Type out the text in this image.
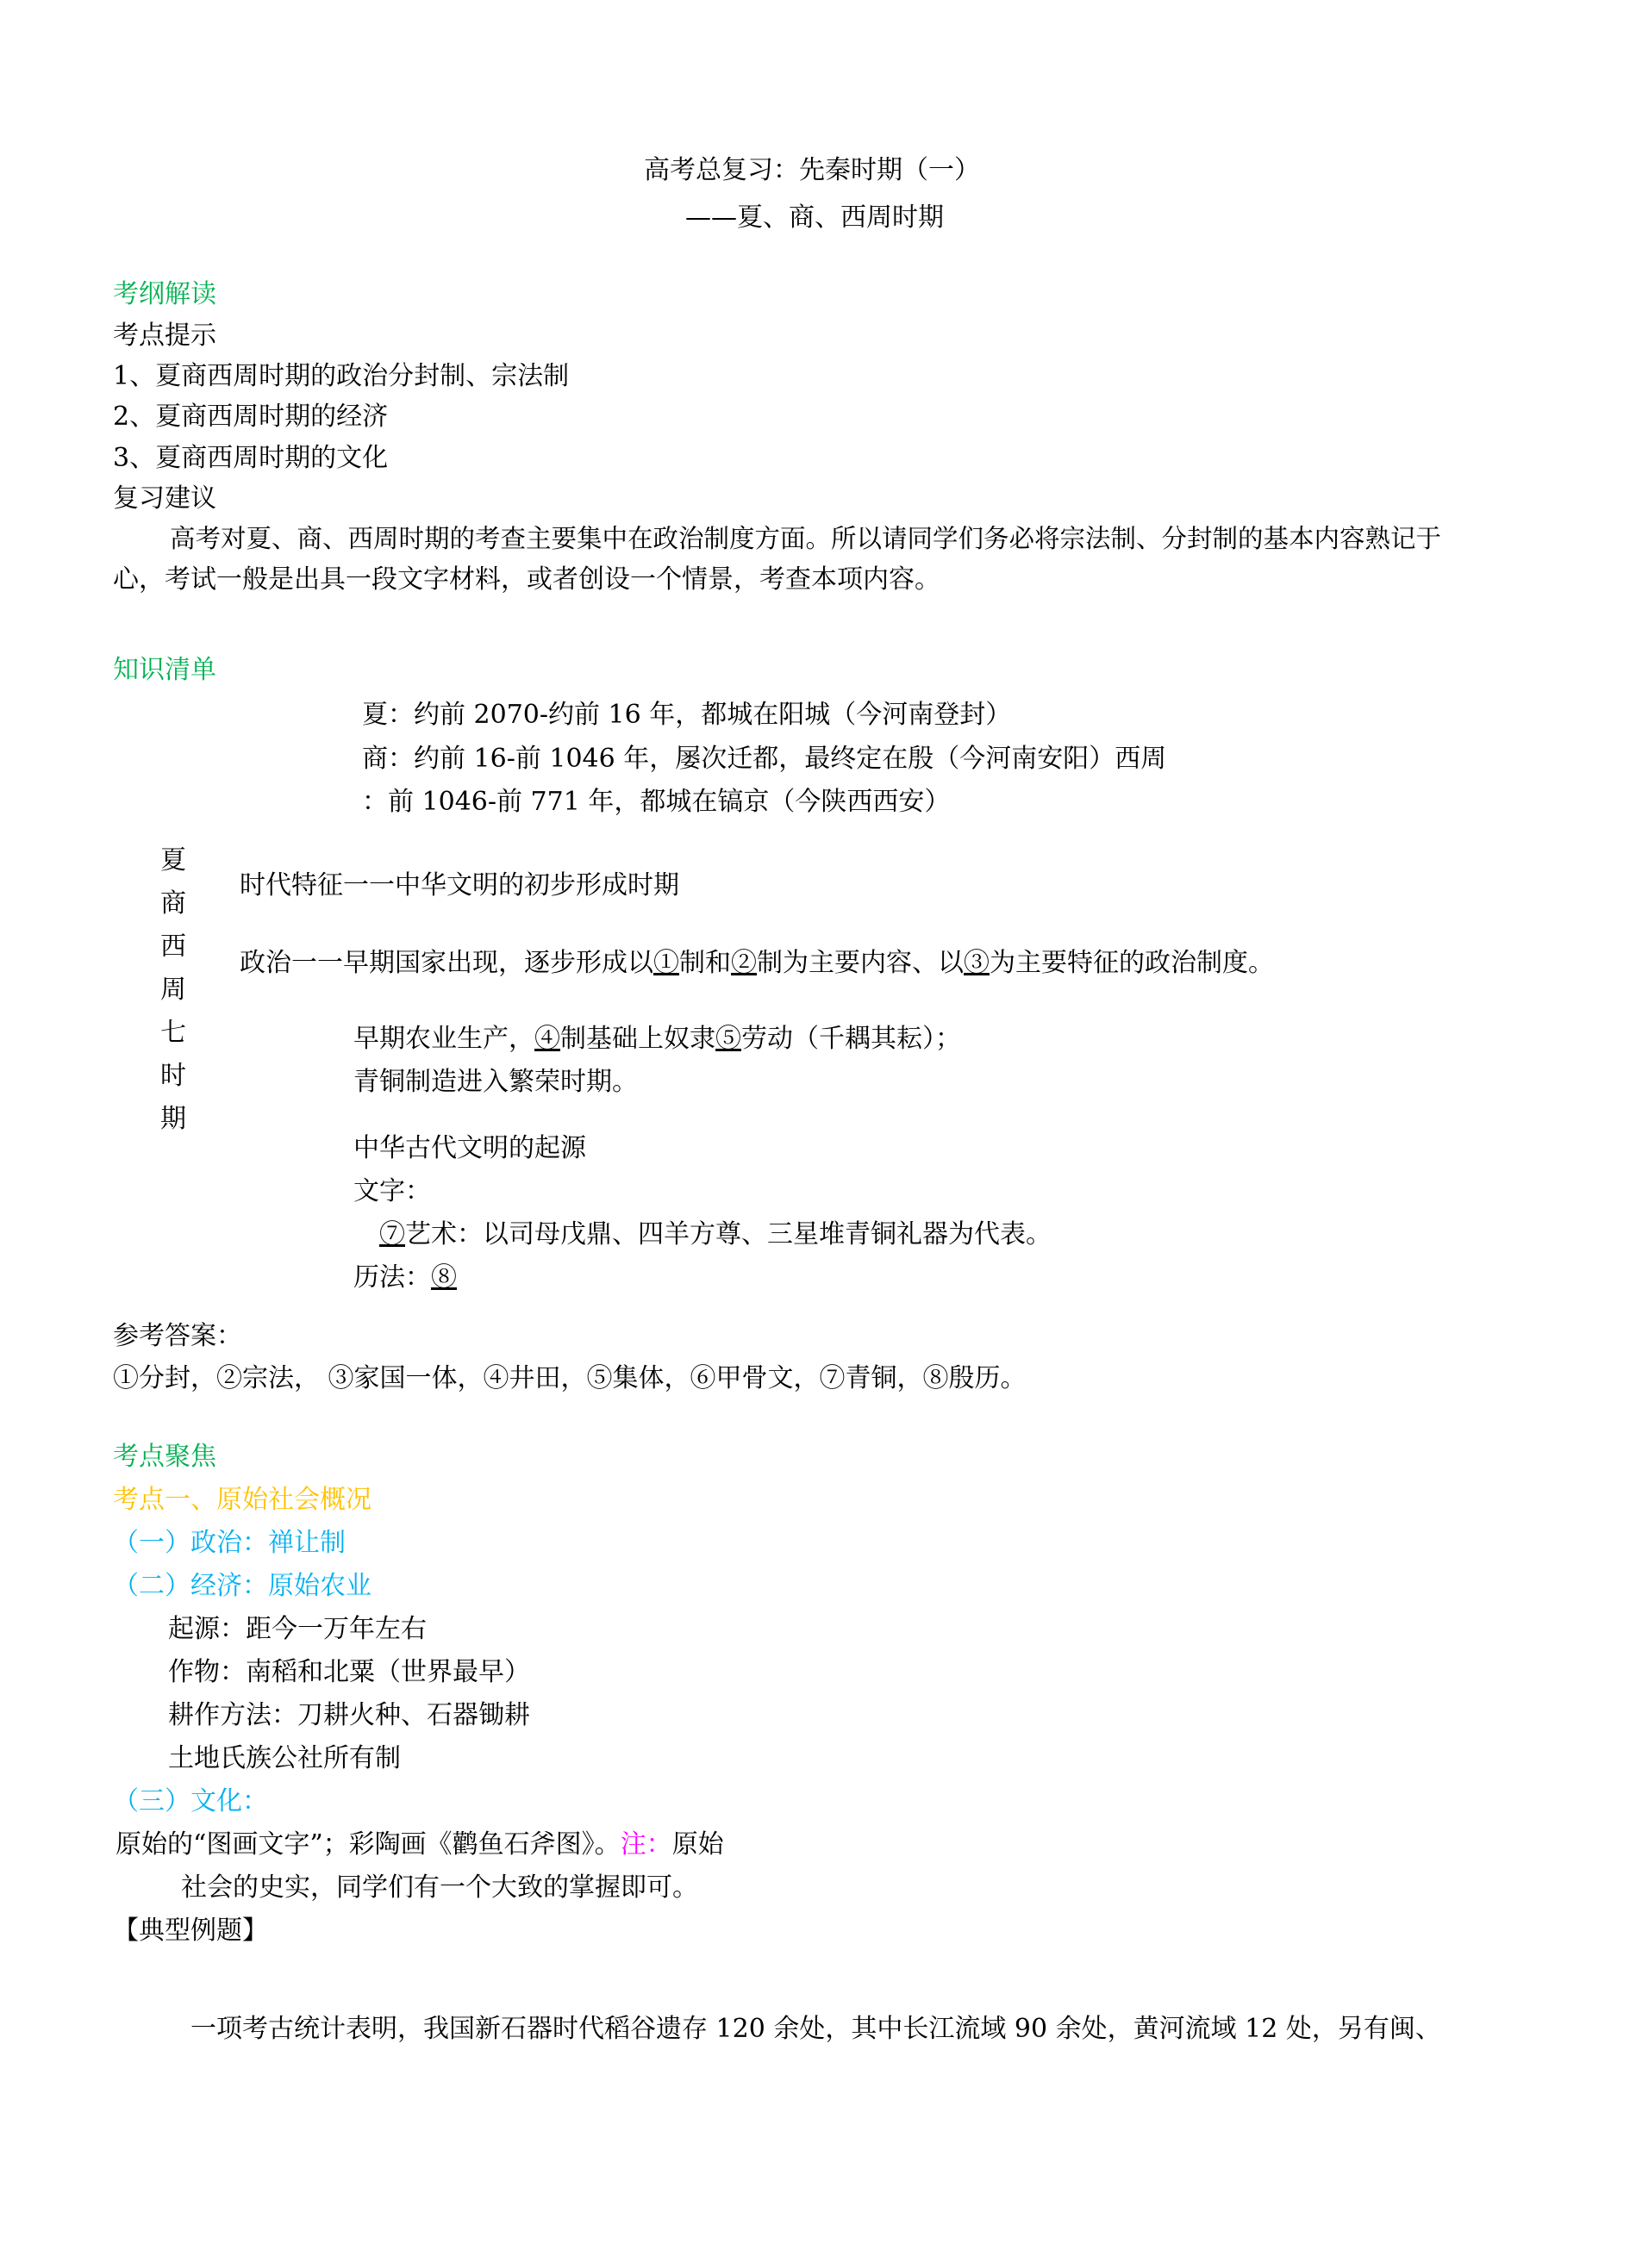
高考总复习：先秦时期（一）
——夏、商、西周时期
考纲解读
考点提示
1、夏商西周时期的政治分封制、宗法制
2、夏商西周时期的经济
3、夏商西周时期的文化
复习建议
高考对夏、商、西周时期的考查主要集中在政治制度方面。所以请同学们务必将宗法制、分封制的基本内容熟记于
心，考试一般是出具一段文字材料，或者创设一个情景，考查本项内容。
知识清单
夏：约前 2070-约前 16 年，都城在阳城（今河南登封）
商：约前 16-前 1046 年，屡次迁都，最终定在殷（今河南安阳）西周
：前 1046-前 771 年，都城在镐京（今陕西西安）
夏
商
西
周
七
时
期
时代特征一一中华文明的初步形成时期
政治一一早期国家出现，逐步形成以①制和②制为主要内容、以③为主要特征的政治制度。
早期农业生产，④制基础上奴隶⑤劳动（千耦其耘）；
青铜制造进入繁荣时期。
中华古代文明的起源
文字：
⑦艺术：以司母戊鼎、四羊方尊、三星堆青铜礼器为代表。
历法：⑧
参考答案：
①分封，②宗法， ③家国一体，④井田，⑤集体，⑥甲骨文，⑦青铜，⑧殷历。
考点聚焦
考点一、原始社会概况
（一）政治：禅让制
（二）经济：原始农业
起源：距今一万年左右
作物：南稻和北粟（世界最早）
耕作方法：刀耕火种、石器锄耕
土地氏族公社所有制
（三）文化：
原始的“图画文字”；彩陶画《鹳鱼石斧图》。注：原始
社会的史实，同学们有一个大致的掌握即可。
【典型例题】
一项考古统计表明，我国新石器时代稻谷遗存 120 余处，其中长江流域 90 余处，黄河流域 12 处，另有闽、
